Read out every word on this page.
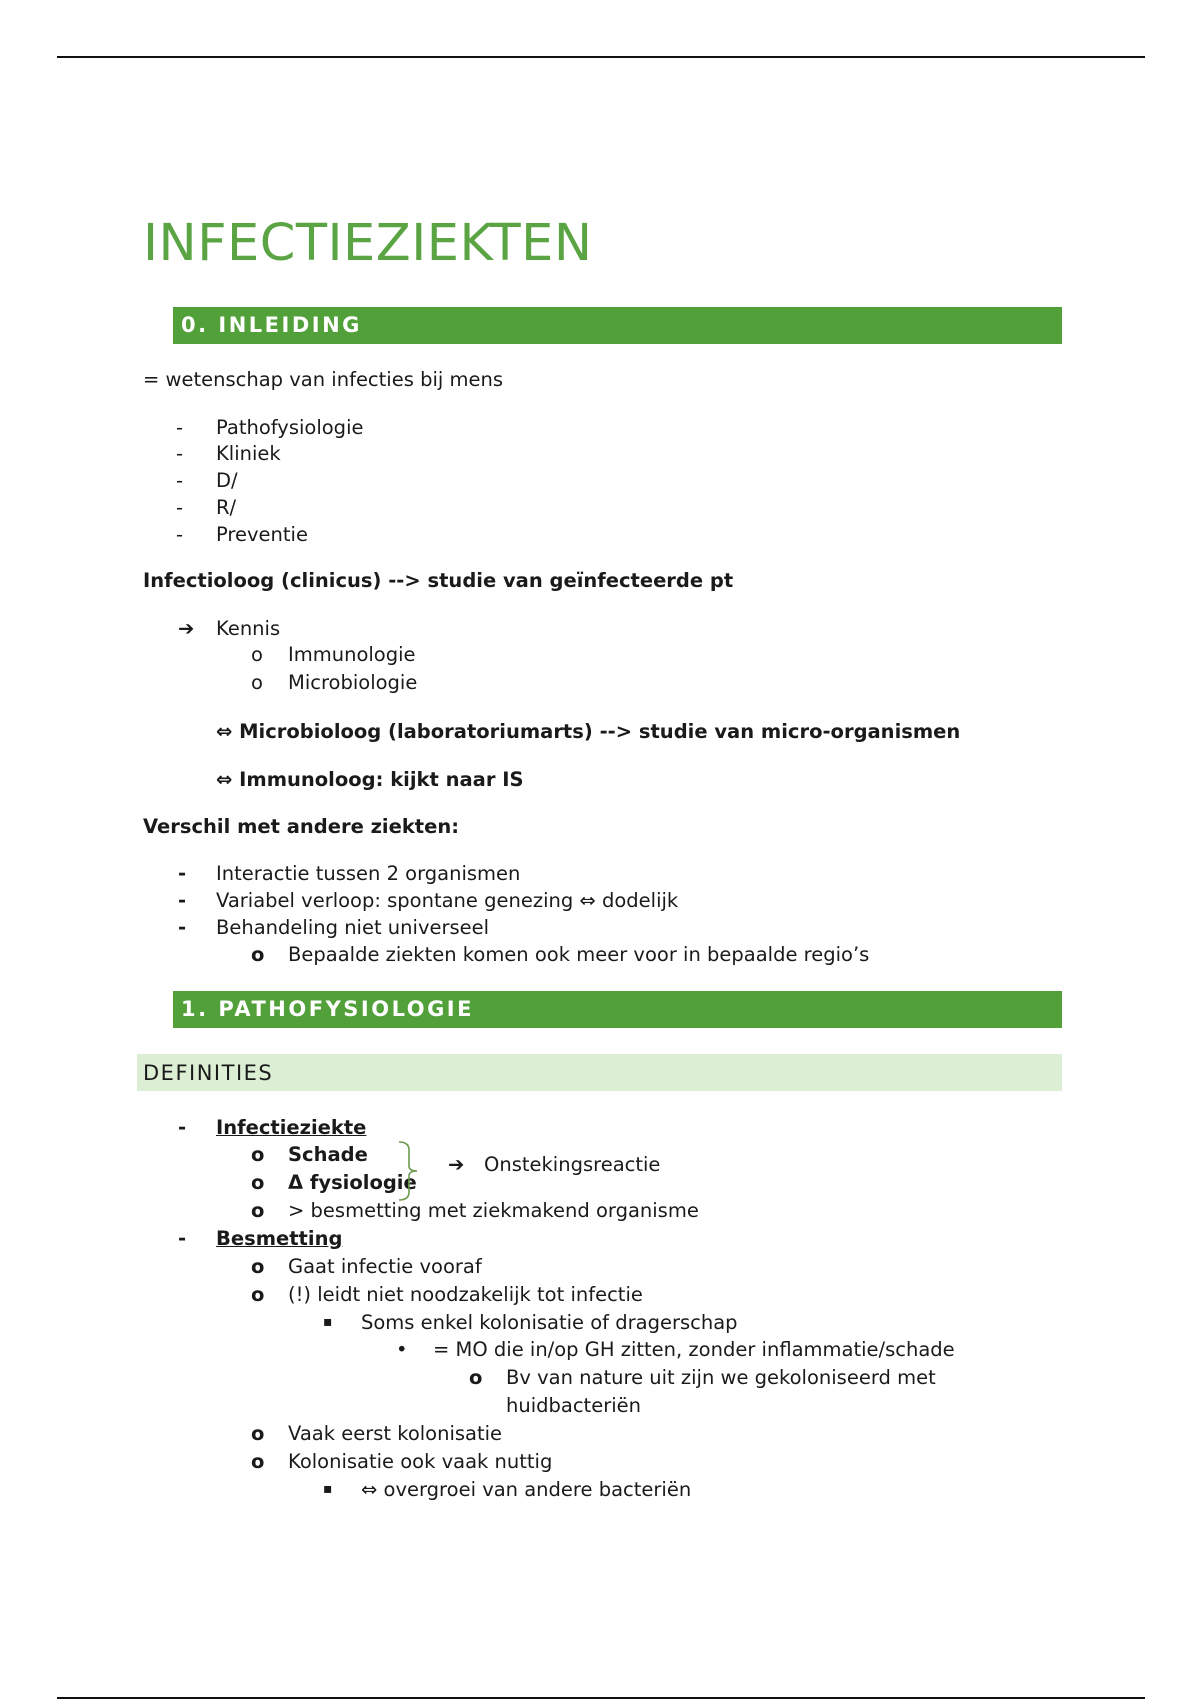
INFECTIEZIEKTEN
0. INLEIDING
= wetenschap van infecties bij mens
- Pathofysiologie
- Kliniek
- D/
- R/
- Preventie
Infectioloog (clinicus) --> studie van geïnfecteerde pt
➔ Kennis
o Immunologie
o Microbiologie
⇔ Microbioloog (laboratoriumarts) --> studie van micro-organismen
⇔ Immunoloog: kijkt naar IS
Verschil met andere ziekten:
- Interactie tussen 2 organismen
- Variabel verloop: spontane genezing ⇔ dodelijk
- Behandeling niet universeel
o Bepaalde ziekten komen ook meer voor in bepaalde regio’s
1. PATHOFYSIOLOGIE
DEFINITIES
- Infectieziekte
o Schade
o Δ fysiologie
➔ Onstekingsreactie
o > besmetting met ziekmakend organisme
- Besmetting
o Gaat infectie vooraf
o (!) leidt niet noodzakelijk tot infectie
▪ Soms enkel kolonisatie of dragerschap
• = MO die in/op GH zitten, zonder inflammatie/schade
o Bv van nature uit zijn we gekoloniseerd met
huidbacteriën
o Vaak eerst kolonisatie
o Kolonisatie ook vaak nuttig
▪ ⇔ overgroei van andere bacteriën
